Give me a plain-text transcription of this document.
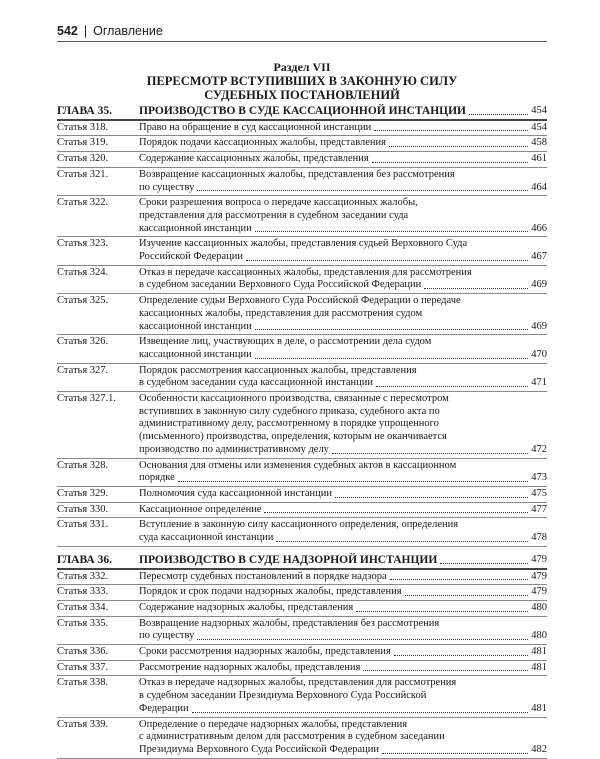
542 | Оглавление
Раздел VII
ПЕРЕСМОТР ВСТУПИВШИХ В ЗАКОННУЮ СИЛУ
СУДЕБНЫХ ПОСТАНОВЛЕНИЙ
ГЛАВА 35.	ПРОИЗВОДСТВО В СУДЕ КАССАЦИОННОЙ ИНСТАНЦИИ	454
Статья 318.	Право на обращение в суд кассационной инстанции	454
Статья 319.	Порядок подачи кассационных жалобы, представления	458
Статья 320.	Содержание кассационных жалобы, представления	461
Статья 321.	Возвращение кассационных жалобы, представления без рассмотрения
по существу	464
Статья 322.	Сроки разрешения вопроса о передаче кассационных жалобы,
представления для рассмотрения в судебном заседании суда
кассационной инстанции	466
Статья 323.	Изучение кассационных жалобы, представления судьей Верховного Суда
Российской Федерации	467
Статья 324.	Отказ в передаче кассационных жалобы, представления для рассмотрения
в судебном заседании Верховного Суда Российской Федерации	469
Статья 325.	Определение судьи Верховного Суда Российской Федерации о передаче
кассационных жалобы, представления для рассмотрения судом
кассационной инстанции	469
Статья 326.	Извещение лиц, участвующих в деле, о рассмотрении дела судом
кассационной инстанции	470
Статья 327.	Порядок рассмотрения кассационных жалобы, представления
в судебном заседании суда кассационной инстанции	471
Статья 327.1.	Особенности кассационного производства, связанные с пересмотром
вступивших в законную силу судебного приказа, судебного акта по
административному делу, рассмотренному в порядке упрощенного
(письменного) производства, определения, которым не оканчивается
производство по административному делу	472
Статья 328.	Основания для отмены или изменения судебных актов в кассационном
порядке	473
Статья 329.	Полномочия суда кассационной инстанции	475
Статья 330.	Кассационное определение	477
Статья 331.	Вступление в законную силу кассационного определения, определения
суда кассационной инстанции	478
ГЛАВА 36.	ПРОИЗВОДСТВО В СУДЕ НАДЗОРНОЙ ИНСТАНЦИИ	479
Статья 332.	Пересмотр судебных постановлений в порядке надзора	479
Статья 333.	Порядок и срок подачи надзорных жалобы, представления	479
Статья 334.	Содержание надзорных жалобы, представления	480
Статья 335.	Возвращение надзорных жалобы, представления без рассмотрения
по существу	480
Статья 336.	Сроки рассмотрения надзорных жалобы, представления	481
Статья 337.	Рассмотрение надзорных жалобы, представления	481
Статья 338.	Отказ в передаче надзорных жалобы, представления для рассмотрения
в судебном заседании Президиума Верховного Суда Российской
Федерации	481
Статья 339.	Определение о передаче надзорных жалобы, представления
с административным делом для рассмотрения в судебном заседании
Президиума Верховного Суда Российской Федерации	482
